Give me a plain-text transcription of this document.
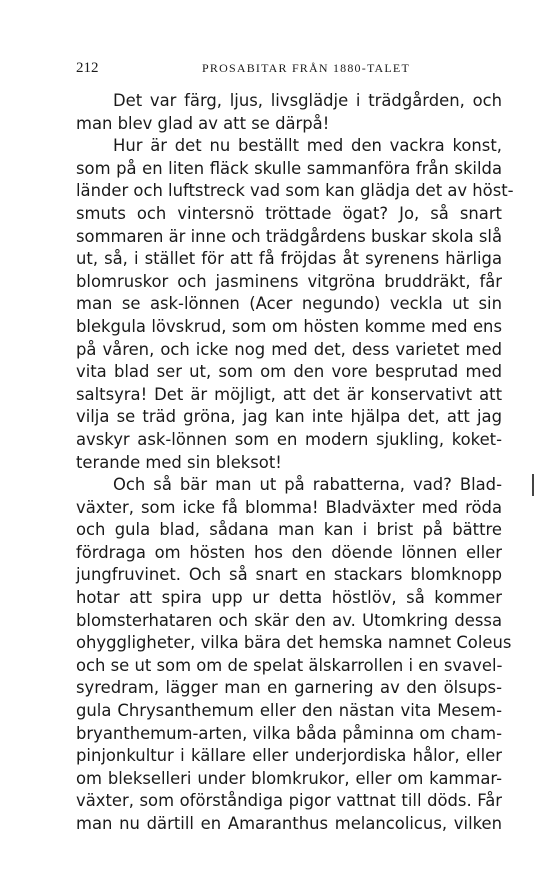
212	PROSABITAR FRÅN 1880-TALET
Det var färg, ljus, livsglädje i trädgården, och
man blev glad av att se därpå!
Hur är det nu beställt med den vackra konst,
som på en liten fläck skulle sammanföra från skilda
länder och luftstreck vad som kan glädja det av höst-
smuts och vintersnö tröttade ögat? Jo, så snart
sommaren är inne och trädgårdens buskar skola slå
ut, så, i stället för att få fröjdas åt syrenens härliga
blomruskor och jasminens vitgröna bruddräkt, får
man se ask-lönnen (Acer negundo) veckla ut sin
blekgula lövskrud, som om hösten komme med ens
på våren, och icke nog med det, dess varietet med
vita blad ser ut, som om den vore besprutad med
saltsyra! Det är möjligt, att det är konservativt att
vilja se träd gröna, jag kan inte hjälpa det, att jag
avskyr ask-lönnen som en modern sjukling, koket-
terande med sin bleksot!
Och så bär man ut på rabatterna, vad? Blad-
växter, som icke få blomma! Bladväxter med röda
och gula blad, sådana man kan i brist på bättre
fördraga om hösten hos den döende lönnen eller
jungfruvinet. Och så snart en stackars blomknopp
hotar att spira upp ur detta höstlöv, så kommer
blomsterhataren och skär den av. Utomkring dessa
ohyggligheter, vilka bära det hemska namnet Coleus
och se ut som om de spelat älskarrollen i en svavel-
syredram, lägger man en garnering av den ölsups-
gula Chrysanthemum eller den nästan vita Mesem-
bryanthemum-arten, vilka båda påminna om cham-
pinjonkultur i källare eller underjordiska hålor, eller
om blekselleri under blomkrukor, eller om kammar-
växter, som oförståndiga pigor vattnat till döds. Får
man nu därtill en Amaranthus melancolicus, vilken
